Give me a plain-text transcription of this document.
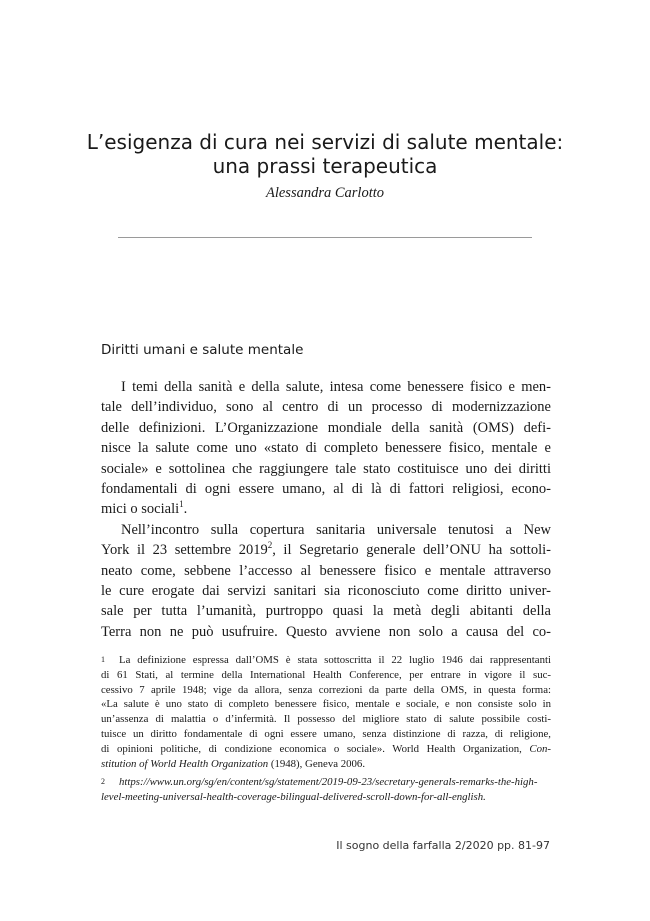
L’esigenza di cura nei servizi di salute mentale:
una prassi terapeutica
Alessandra Carlotto
Diritti umani e salute mentale
I temi della sanità e della salute, intesa come benessere fisico e men-
tale dell’individuo, sono al centro di un processo di modernizzazione
delle definizioni. L’Organizzazione mondiale della sanità (OMS) defi-
nisce la salute come uno «stato di completo benessere fisico, mentale e
sociale» e sottolinea che raggiungere tale stato costituisce uno dei diritti
fondamentali di ogni essere umano, al di là di fattori religiosi, econo-
mici o sociali$^1$.
Nell’incontro sulla copertura sanitaria universale tenutosi a New
York il 23 settembre 2019$^2$, il Segretario generale dell’ONU ha sottoli-
neato come, sebbene l’accesso al benessere fisico e mentale attraverso
le cure erogate dai servizi sanitari sia riconosciuto come diritto univer-
sale per tutta l’umanità, purtroppo quasi la metà degli abitanti della
Terra non ne può usufruire. Questo avviene non solo a causa del co-
1	La definizione espressa dall’OMS è stata sottoscritta il 22 luglio 1946 dai rappresentanti
di 61 Stati, al termine della International Health Conference, per entrare in vigore il suc-
cessivo 7 aprile 1948; vige da allora, senza correzioni da parte della OMS, in questa forma:
«La salute è uno stato di completo benessere fisico, mentale e sociale, e non consiste solo in
un’assenza di malattia o d’infermità. Il possesso del migliore stato di salute possibile costi-
tuisce un diritto fondamentale di ogni essere umano, senza distinzione di razza, di religione,
di opinioni politiche, di condizione economica o sociale». World Health Organization, Con-
stitution of World Health Organization (1948), Geneva 2006.
2	https://www.un.org/sg/en/content/sg/statement/2019-09-23/secretary-generals-remarks-the-high-
level-meeting-universal-health-coverage-bilingual-delivered-scroll-down-for-all-english.
Il sogno della farfalla 2/2020 pp. 81-97
